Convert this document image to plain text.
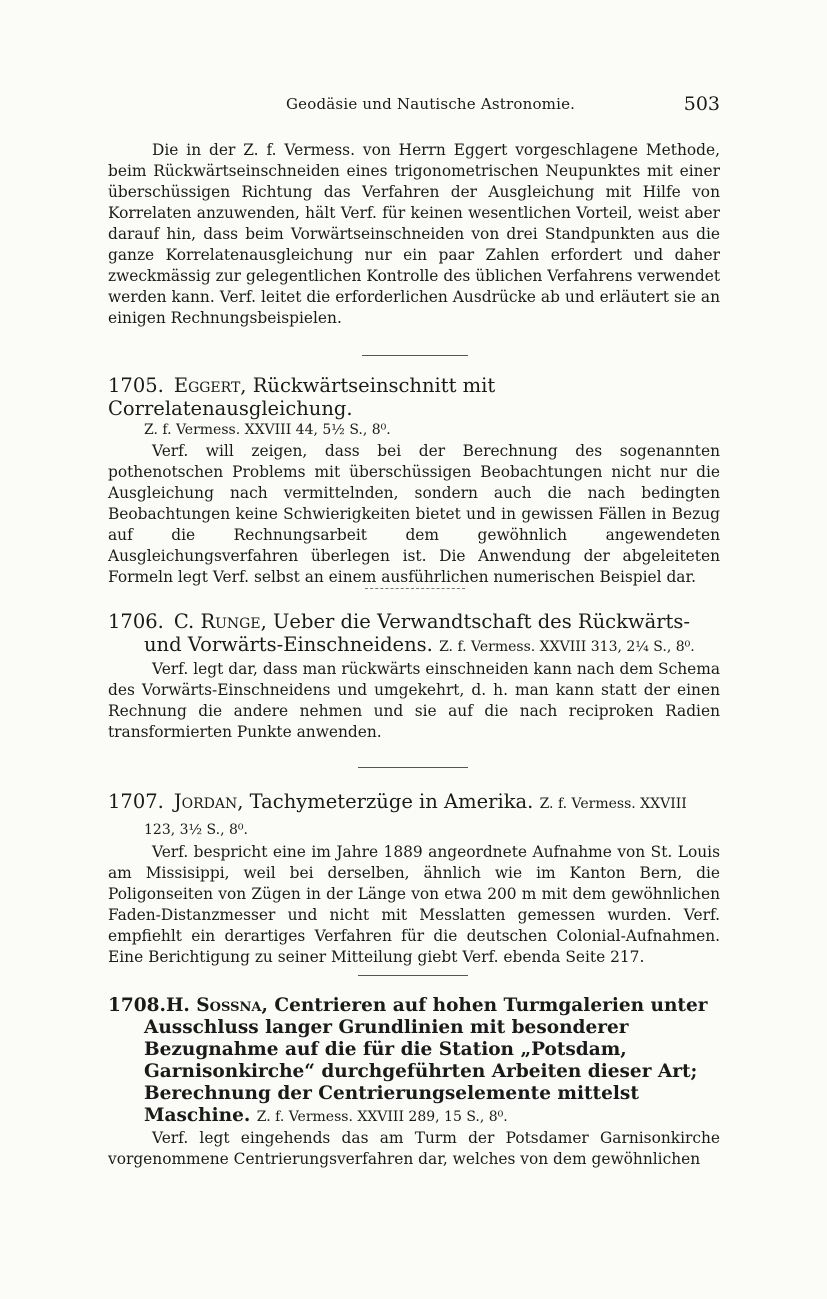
Geodäsie und Nautische Astronomie.	503

Die in der Z. f. Vermess. von Herrn Eggert vorgeschlagene Methode, beim Rückwärtseinschneiden eines trigonometrischen Neupunktes mit einer überschüssigen Richtung das Verfahren der Ausgleichung mit Hilfe von Korrelaten anzuwenden, hält Verf. für keinen wesentlichen Vorteil, weist aber darauf hin, dass beim Vorwärtseinschneiden von drei Standpunkten aus die ganze Korrelatenausgleichung nur ein paar Zahlen erfordert und daher zweckmässig zur gelegentlichen Kontrolle des üblichen Verfahrens verwendet werden kann. Verf. leitet die erforderlichen Ausdrücke ab und erläutert sie an einigen Rechnungsbeispielen.

1705. Eggert, Rückwärtseinschnitt mit Correlatenausgleichung.

Z. f. Vermess. XXVIII 44, 5½ S., 8⁰.

Verf. will zeigen, dass bei der Berechnung des sogenannten pothenotschen Problems mit überschüssigen Beobachtungen nicht nur die Ausgleichung nach vermittelnden, sondern auch die nach bedingten Beobachtungen keine Schwierigkeiten bietet und in gewissen Fällen in Bezug auf die Rechnungsarbeit dem gewöhnlich angewendeten Ausgleichungsverfahren überlegen ist. Die Anwendung der abgeleiteten Formeln legt Verf. selbst an einem ausführlichen numerischen Beispiel dar.

1706. C. Runge, Ueber die Verwandtschaft des Rückwärts- und Vorwärts-Einschneidens. Z. f. Vermess. XXVIII 313, 2¼ S., 8⁰.

Verf. legt dar, dass man rückwärts einschneiden kann nach dem Schema des Vorwärts-Einschneidens und umgekehrt, d. h. man kann statt der einen Rechnung die andere nehmen und sie auf die nach reciproken Radien transformierten Punkte anwenden.

1707. Jordan, Tachymeterzüge in Amerika. Z. f. Vermess. XXVIII 123, 3½ S., 8⁰.

Verf. bespricht eine im Jahre 1889 angeordnete Aufnahme von St. Louis am Missisippi, weil bei derselben, ähnlich wie im Kanton Bern, die Poligonseiten von Zügen in der Länge von etwa 200 m mit dem gewöhnlichen Faden-Distanzmesser und nicht mit Messlatten gemessen wurden. Verf. empfiehlt ein derartiges Verfahren für die deutschen Colonial-Aufnahmen. Eine Berichtigung zu seiner Mitteilung giebt Verf. ebenda Seite 217.

1708.H. Sossna, Centrieren auf hohen Turmgalerien unter Ausschluss langer Grundlinien mit besonderer Bezugnahme auf die für die Station „Potsdam, Garnisonkirche“ durchgeführten Arbeiten dieser Art; Berechnung der Centrierungselemente mittelst Maschine. Z. f. Vermess. XXVIII 289, 15 S., 8⁰.

Verf. legt eingehends das am Turm der Potsdamer Garnisonkirche vorgenommene Centrierungsverfahren dar, welches von dem gewöhnlichen
